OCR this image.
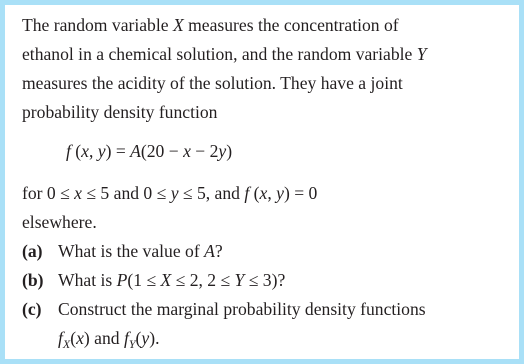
The random variable X measures the concentration of
ethanol in a chemical solution, and the random variable Y
measures the acidity of the solution. They have a joint
probability density function
f (x, y) = A(20 − x − 2y)
for 0 ≤ x ≤ 5 and 0 ≤ y ≤ 5, and f (x, y) = 0
elsewhere.
(a) What is the value of A?
(b) What is P(1 ≤ X ≤ 2, 2 ≤ Y ≤ 3)?
(c) Construct the marginal probability density functions
$f_X(x)$ and $f_Y(y)$.
